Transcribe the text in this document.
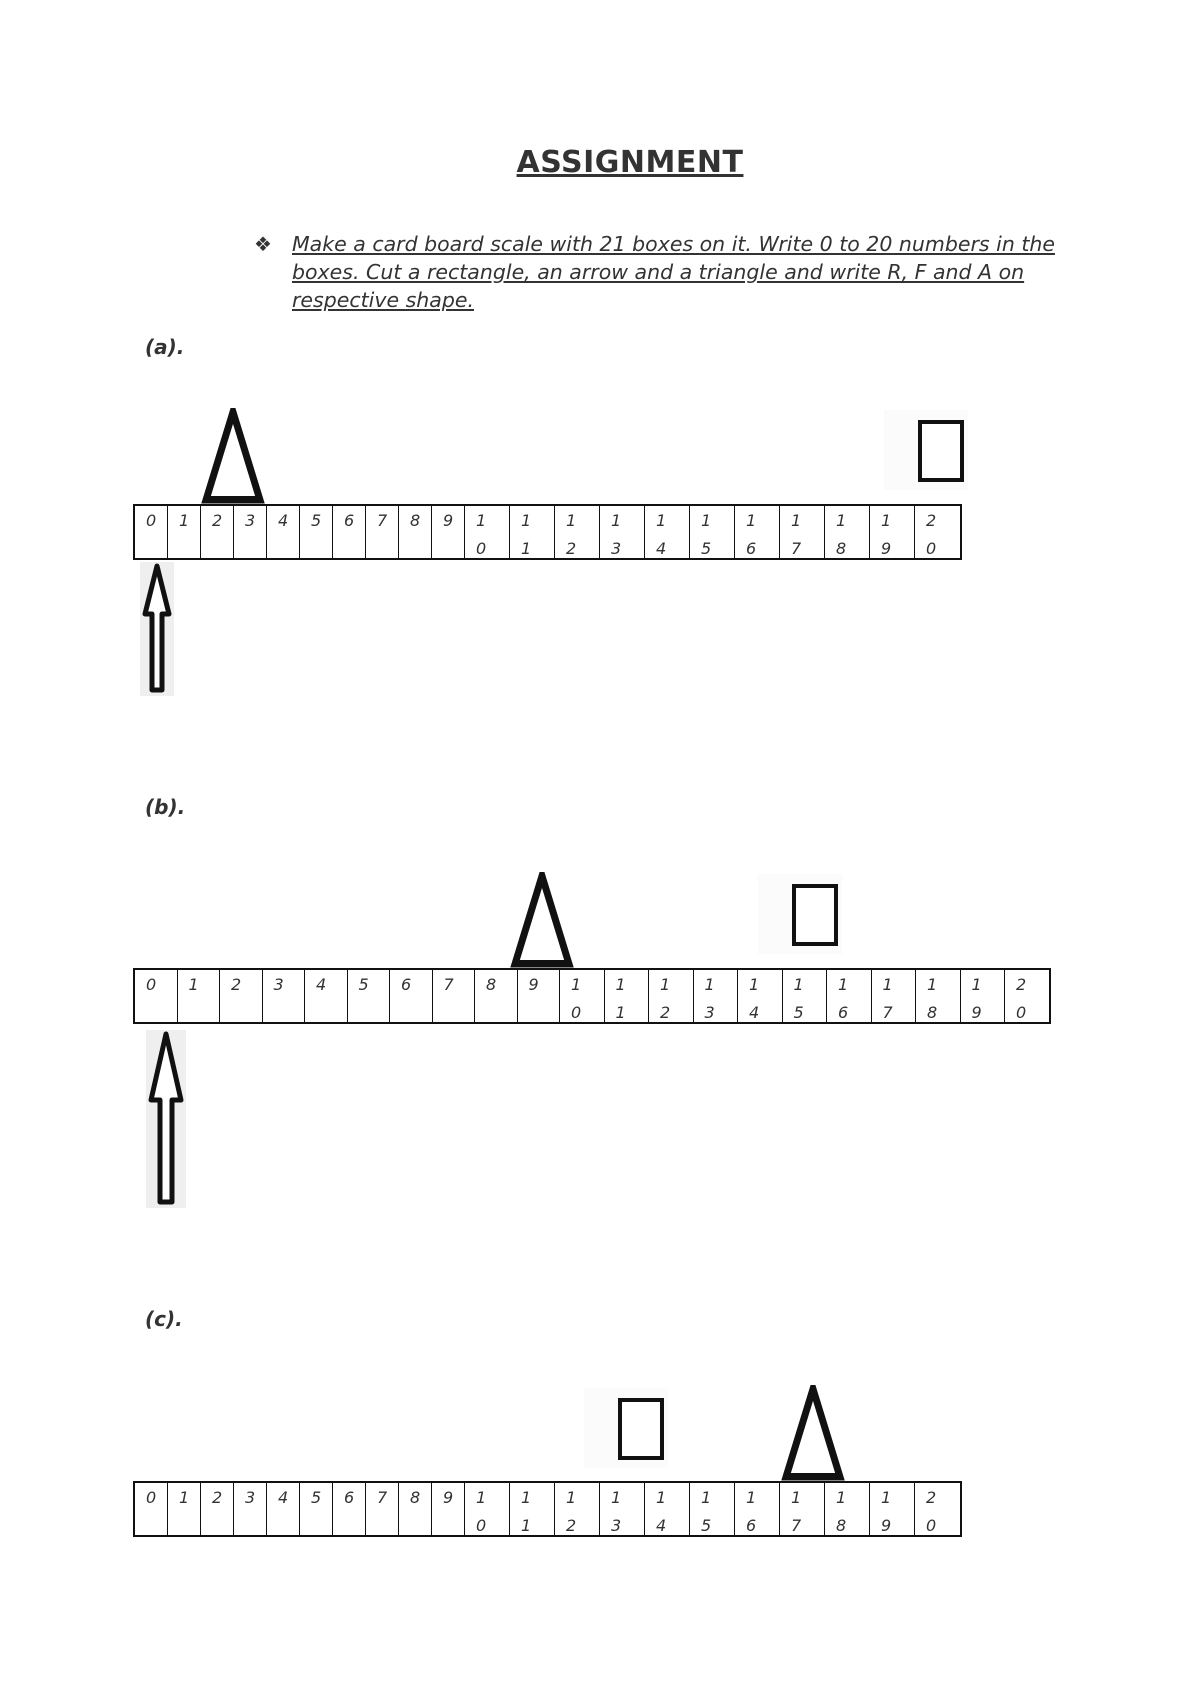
ASSIGNMENT
❖ Make a card board scale with 21 boxes on it. Write 0 to 20 numbers in the boxes. Cut a rectangle, an arrow and a triangle and write R, F and A on respective shape.
(a).
(b).
(c).
0 1 2 3 4 5 6 7 8 9 1
0
1
1
1
2
1
3
1
4
1
5
1
6
1
7
1
8
1
9
2
0
0 1 2 3 4 5 6 7 8 9 1
0
1
1
1
2
1
3
1
4
1
5
1
6
1
7
1
8
1
9
2
0
0 1 2 3 4 5 6 7 8 9 1
0
1
1
1
2
1
3
1
4
1
5
1
6
1
7
1
8
1
9
2
0
